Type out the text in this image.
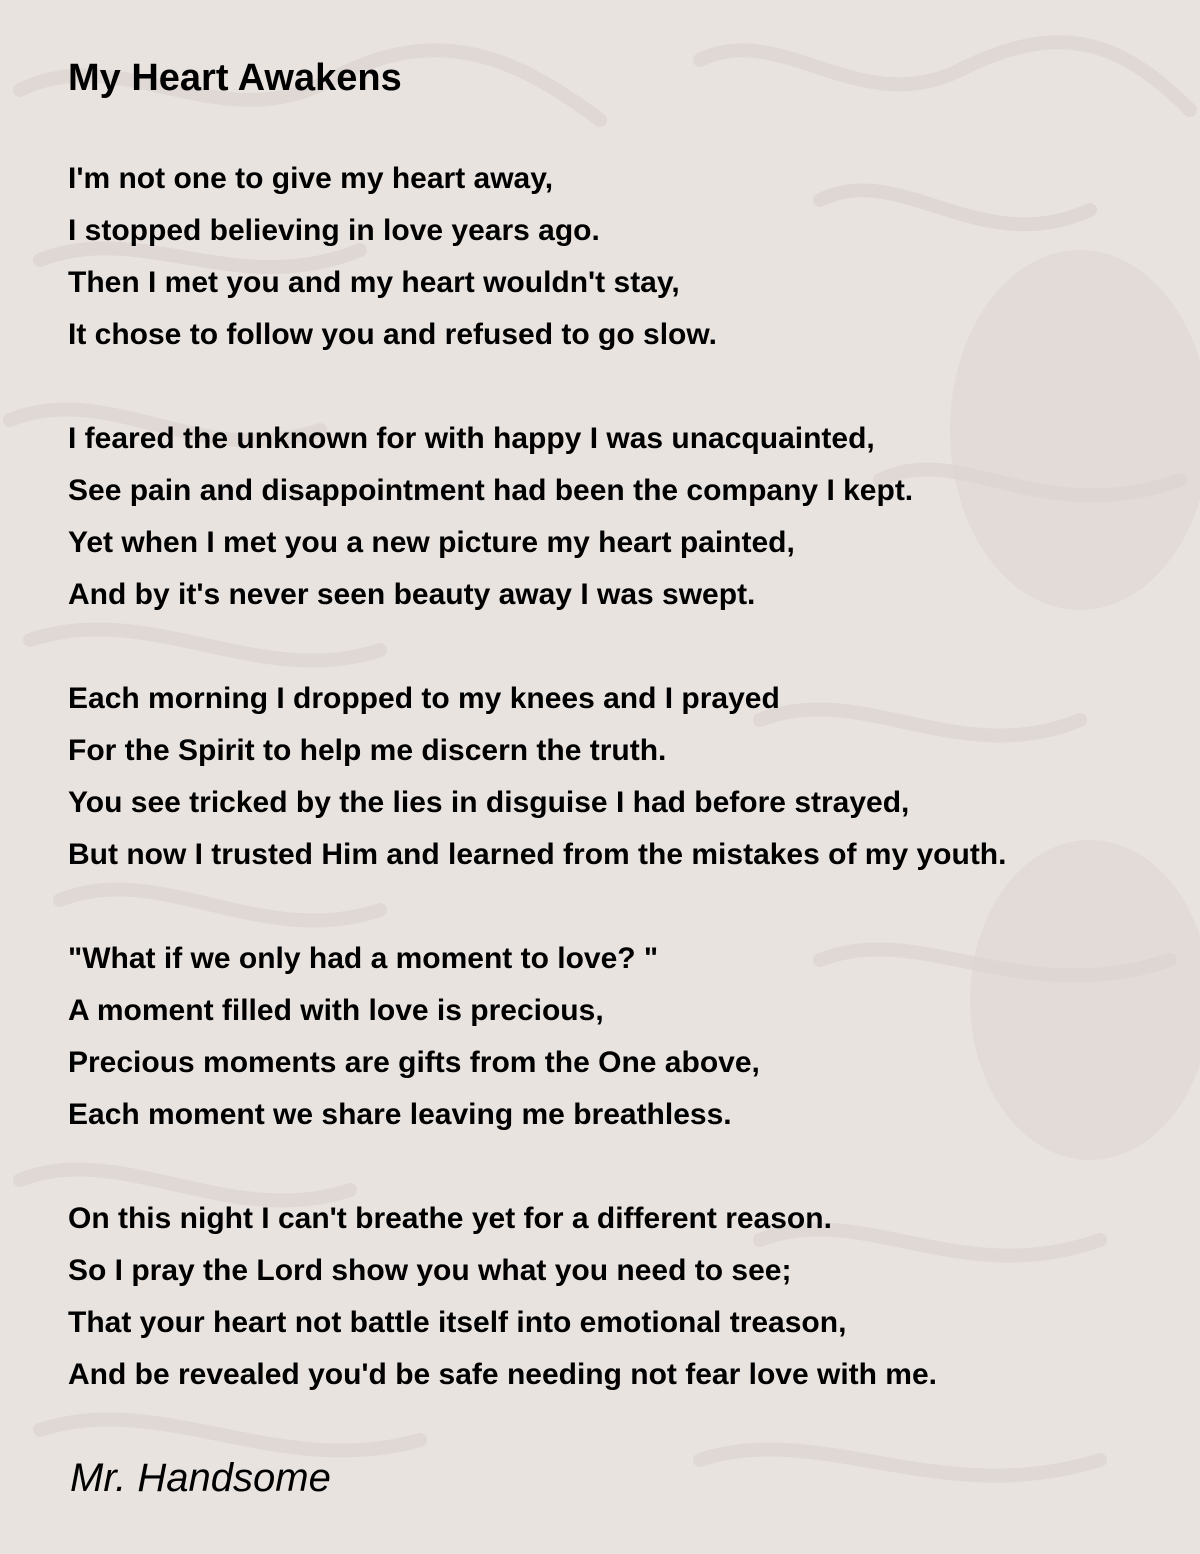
My Heart Awakens
I'm not one to give my heart away,
I stopped believing in love years ago.
Then I met you and my heart wouldn't stay,
It chose to follow you and refused to go slow.
I feared the unknown for with happy I was unacquainted,
See pain and disappointment had been the company I kept.
Yet when I met you a new picture my heart painted,
And by it's never seen beauty away I was swept.
Each morning I dropped to my knees and I prayed
For the Spirit to help me discern the truth.
You see tricked by the lies in disguise I had before strayed,
But now I trusted Him and learned from the mistakes of my youth.
"What if we only had a moment to love? "
A moment filled with love is precious,
Precious moments are gifts from the One above,
Each moment we share leaving me breathless.
On this night I can't breathe yet for a different reason.
So I pray the Lord show you what you need to see;
That your heart not battle itself into emotional treason,
And be revealed you'd be safe needing not fear love with me.
Mr. Handsome
